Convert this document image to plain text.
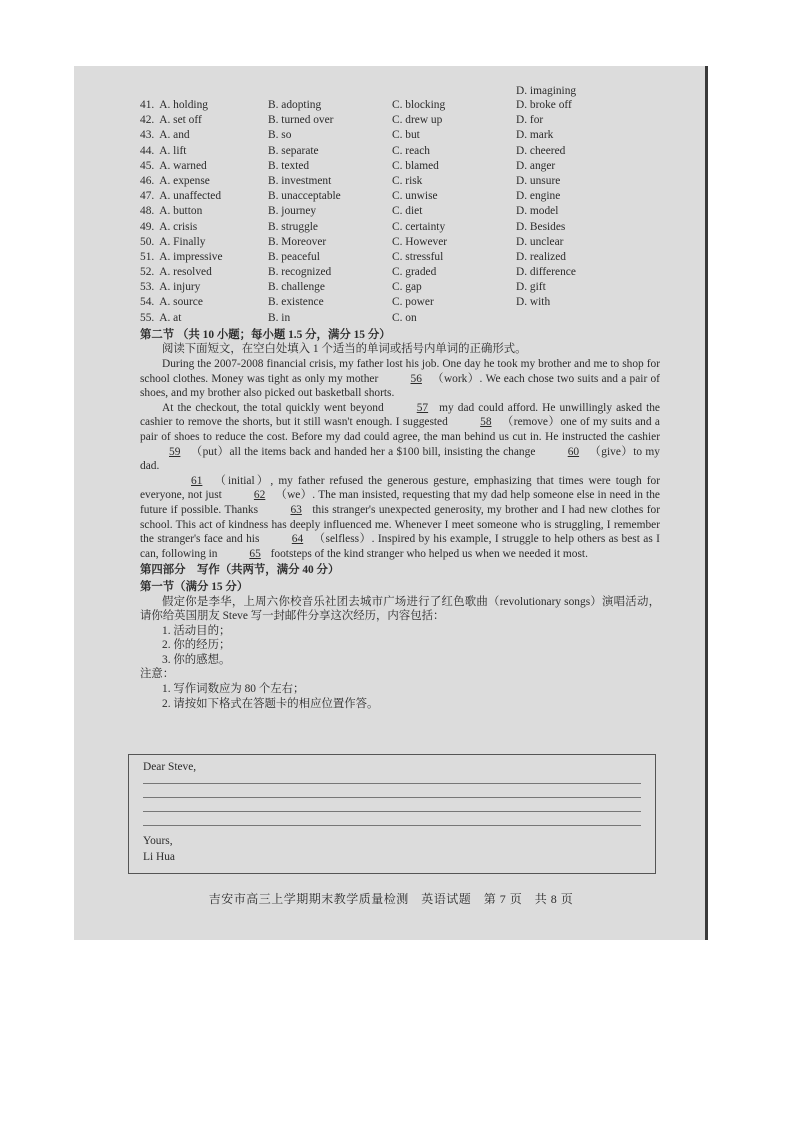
D. imagining
41. A. holding	B. adopting	C. blocking	D. broke off
42. A. set off	B. turned over	C. drew up	D. for
43. A. and	B. so	C. but	D. mark
44. A. lift	B. separate	C. reach	D. cheered
45. A. warned	B. texted	C. blamed	D. anger
46. A. expense	B. investment	C. risk	D. unsure
47. A. unaffected	B. unacceptable	C. unwise	D. engine
48. A. button	B. journey	C. diet	D. model
49. A. crisis	B. struggle	C. certainty	D. Besides
50. A. Finally	B. Moreover	C. However	D. unclear
51. A. impressive	B. peaceful	C. stressful	D. realized
52. A. resolved	B. recognized	C. graded	D. difference
53. A. injury	B. challenge	C. gap	D. gift
54. A. source	B. existence	C. power	D. with
55. A. at	B. in	C. on
第二节 （共 10 小题；每小题 1.5 分，满分 15 分）

阅读下面短文，在空白处填入 1 个适当的单词或括号内单词的正确形式。

During the 2007-2008 financial crisis, my father lost his job. One day he took my brother and me to shop for school clothes. Money was tight as only my mother	56 （work）. We each chose two suits and a pair of shoes, and my brother also picked out basketball shorts.

At the checkout, the total quickly went beyond	57 my dad could afford. He unwillingly asked the cashier to remove the shorts, but it still wasn't enough. I suggested	58 （remove）one of my suits and a pair of shoes to reduce the cost. Before my dad could agree, the man behind us cut in. He instructed the cashier 59 （put）all the items back and handed her a $100 bill, insisting the change	60 （give）to my dad.

61 （initial）, my father refused the generous gesture, emphasizing that times were tough for everyone, not just	62 （we）. The man insisted, requesting that my dad help someone else in need in the future if possible. Thanks	63 this stranger's unexpected generosity, my brother and I had new clothes for school. This act of kindness has deeply influenced me. Whenever I meet someone who is struggling, I remember the stranger's face and his	64 （selfless）. Inspired by his example, I struggle to help others as best as I can, following in	65 footsteps of the kind stranger who helped us when we needed it most.

第四部分　写作（共两节，满分 40 分）
第一节（满分 15 分）

假定你是李华，上周六你校音乐社团去城市广场进行了红色歌曲（revolutionary songs）演唱活动，请你给英国朋友 Steve 写一封邮件分享这次经历，内容包括：

1. 活动目的；
2. 你的经历；
3. 你的感想。
注意：
1. 写作词数应为 80 个左右；
2. 请按如下格式在答题卡的相应位置作答。
Dear Steve,
Yours,
Li Hua
吉安市高三上学期期末教学质量检测　英语试题　第 7 页　共 8 页
